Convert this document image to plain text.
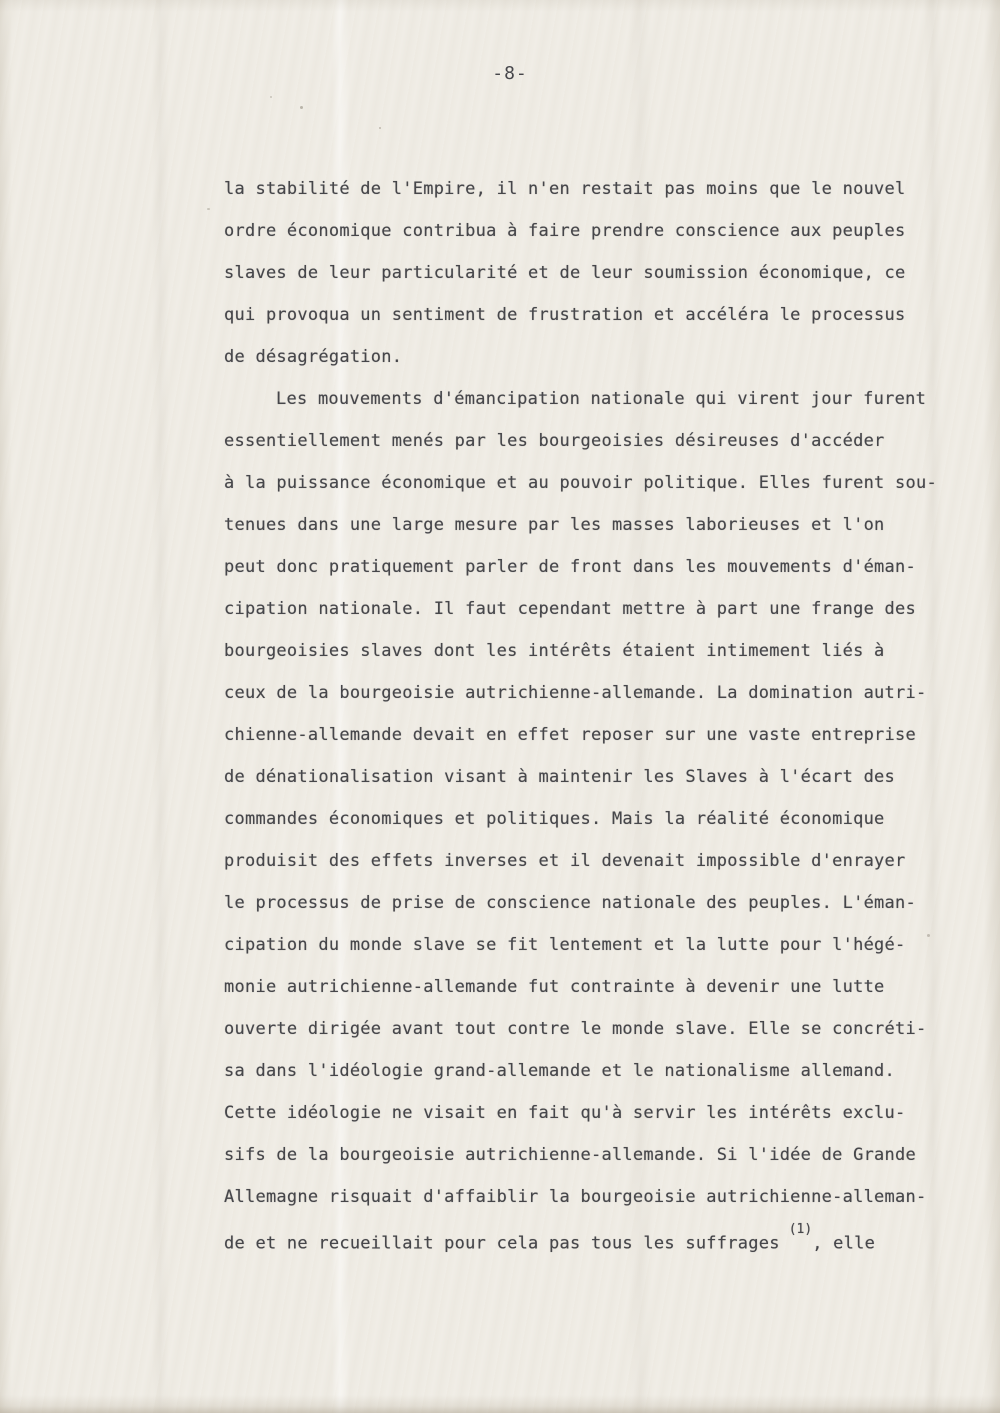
-8-
la stabilité de l'Empire, il n'en restait pas moins que le nouvel
ordre économique contribua à faire prendre conscience aux peuples
slaves de leur particularité et de leur soumission économique, ce
qui provoqua un sentiment de frustration et accéléra le processus
de désagrégation.
Les mouvements d'émancipation nationale qui virent jour furent
essentiellement menés par les bourgeoisies désireuses d'accéder
à la puissance économique et au pouvoir politique. Elles furent sou-
tenues dans une large mesure par les masses laborieuses et l'on
peut donc pratiquement parler de front dans les mouvements d'éman-
cipation nationale. Il faut cependant mettre à part une frange des
bourgeoisies slaves dont les intérêts étaient intimement liés à
ceux de la bourgeoisie autrichienne-allemande. La domination autri-
chienne-allemande devait en effet reposer sur une vaste entreprise
de dénationalisation visant à maintenir les Slaves à l'écart des
commandes économiques et politiques. Mais la réalité économique
produisit des effets inverses et il devenait impossible d'enrayer
le processus de prise de conscience nationale des peuples. L'éman-
cipation du monde slave se fit lentement et la lutte pour l'hégé-
monie autrichienne-allemande fut contrainte à devenir une lutte
ouverte dirigée avant tout contre le monde slave. Elle se concréti-
sa dans l'idéologie grand-allemande et le nationalisme allemand.
Cette idéologie ne visait en fait qu'à servir les intérêts exclu-
sifs de la bourgeoisie autrichienne-allemande. Si l'idée de Grande
Allemagne risquait d'affaiblir la bourgeoisie autrichienne-alleman-
de et ne recueillait pour cela pas tous les suffrages$^{(1)}$, elle
